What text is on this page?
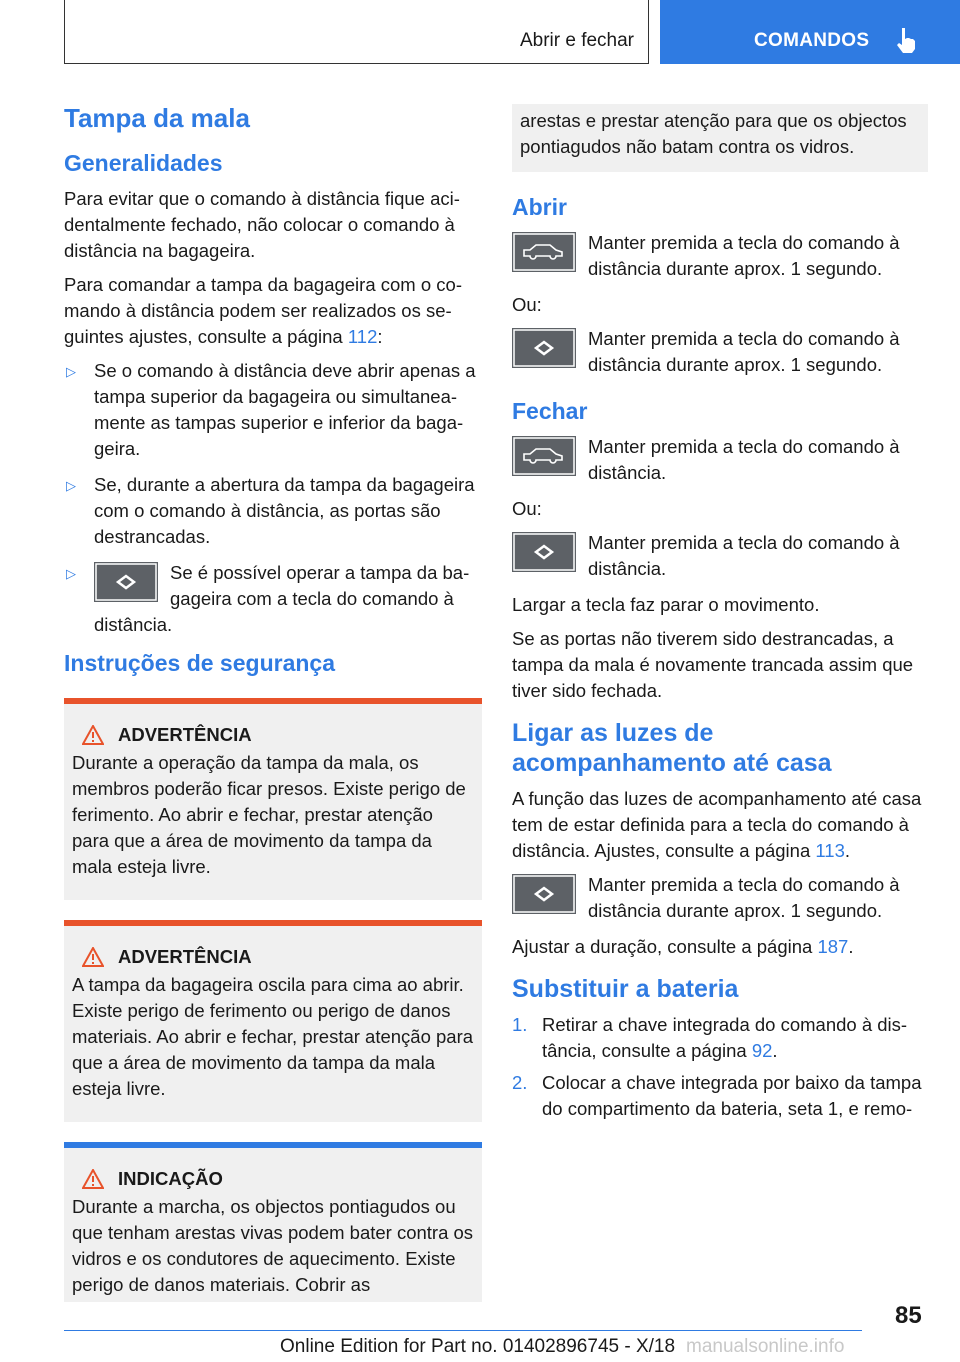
Abrir e fechar	COMANDOS
Tampa da mala
Generalidades

Para evitar que o comando à distância fique acidentalmente fechado, não colocar o comando à distância na bagageira.

Para comandar a tampa da bagageira com o comando à distância podem ser realizados os seguintes ajustes, consulte a página 112:

▷ Se o comando à distância deve abrir apenas a tampa superior da bagageira ou simultaneamente as tampas superior e inferior da bagageira.
▷ Se, durante a abertura da tampa da bagageira com o comando à distância, as portas são destrancadas.
▷	Se é possível operar a tampa da bagageira com a tecla do comando à distância.
Instruções de segurança
ADVERTÊNCIA
Durante a operação da tampa da mala, os membros poderão ficar presos. Existe perigo de ferimento. Ao abrir e fechar, prestar atenção para que a área de movimento da tampa da mala esteja livre.
ADVERTÊNCIA
A tampa da bagageira oscila para cima ao abrir. Existe perigo de ferimento ou perigo de danos materiais. Ao abrir e fechar, prestar atenção para que a área de movimento da tampa da mala esteja livre.
INDICAÇÃO
Durante a marcha, os objectos pontiagudos ou que tenham arestas vivas podem bater contra os vidros e os condutores de aquecimento. Existe perigo de danos materiais. Cobrir as
arestas e prestar atenção para que os objectos pontiagudos não batam contra os vidros.
Abrir
Manter premida a tecla do comando à distância durante aprox. 1 segundo.

Ou:

Manter premida a tecla do comando à distância durante aprox. 1 segundo.
Fechar
Manter premida a tecla do comando à distância.

Ou:

Manter premida a tecla do comando à distância.

Largar a tecla faz parar o movimento.

Se as portas não tiverem sido destrancadas, a tampa da mala é novamente trancada assim que tiver sido fechada.

Ligar as luzes de acompanhamento até casa

A função das luzes de acompanhamento até casa tem de estar definida para a tecla do comando à distância. Ajustes, consulte a página 113.

Manter premida a tecla do comando à distância durante aprox. 1 segundo.

Ajustar a duração, consulte a página 187.

Substituir a bateria
1. Retirar a chave integrada do comando à distância, consulte a página 92.
2. Colocar a chave integrada por baixo da tampa do compartimento da bateria, seta 1, e remo-
85
Online Edition for Part no. 01402896745 - X/18 manualsonline.info
